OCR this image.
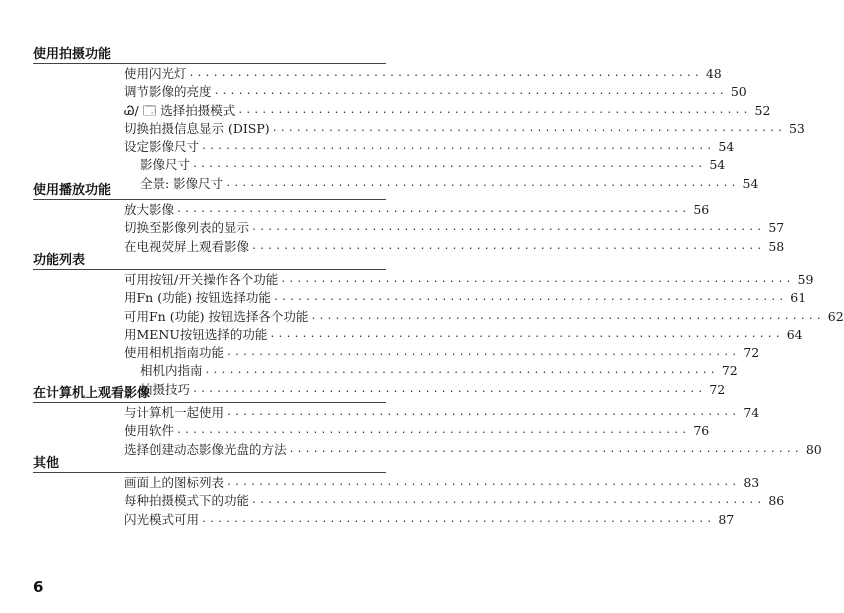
使用拍摄功能
使用闪光灯 ................................................................ 48
调节影像的亮度 ................................................................ 50
Ꮚ/ 🗔 选择拍摄模式 ................................................................ 52
切换拍摄信息显示 (DISP) ................................................................ 53
设定影像尺寸 ................................................................ 54
影像尺寸 ................................................................ 54
全景: 影像尺寸 ................................................................ 54
使用播放功能
放大影像 ................................................................ 56
切换至影像列表的显示 ................................................................ 57
在电视荧屏上观看影像 ................................................................ 58
功能列表
可用按钮/开关操作各个功能 ................................................................ 59
用Fn (功能) 按钮选择功能 ................................................................ 61
可用Fn (功能) 按钮选择各个功能 ................................................................ 62
用MENU按钮选择的功能 ................................................................ 64
使用相机指南功能 ................................................................ 72
相机内指南 ................................................................ 72
拍摄技巧 ................................................................ 72
在计算机上观看影像
与计算机一起使用 ................................................................ 74
使用软件 ................................................................ 76
选择创建动态影像光盘的方法 ................................................................ 80
其他
画面上的图标列表 ................................................................ 83
每种拍摄模式下的功能 ................................................................ 86
闪光模式可用 ................................................................ 87
6
